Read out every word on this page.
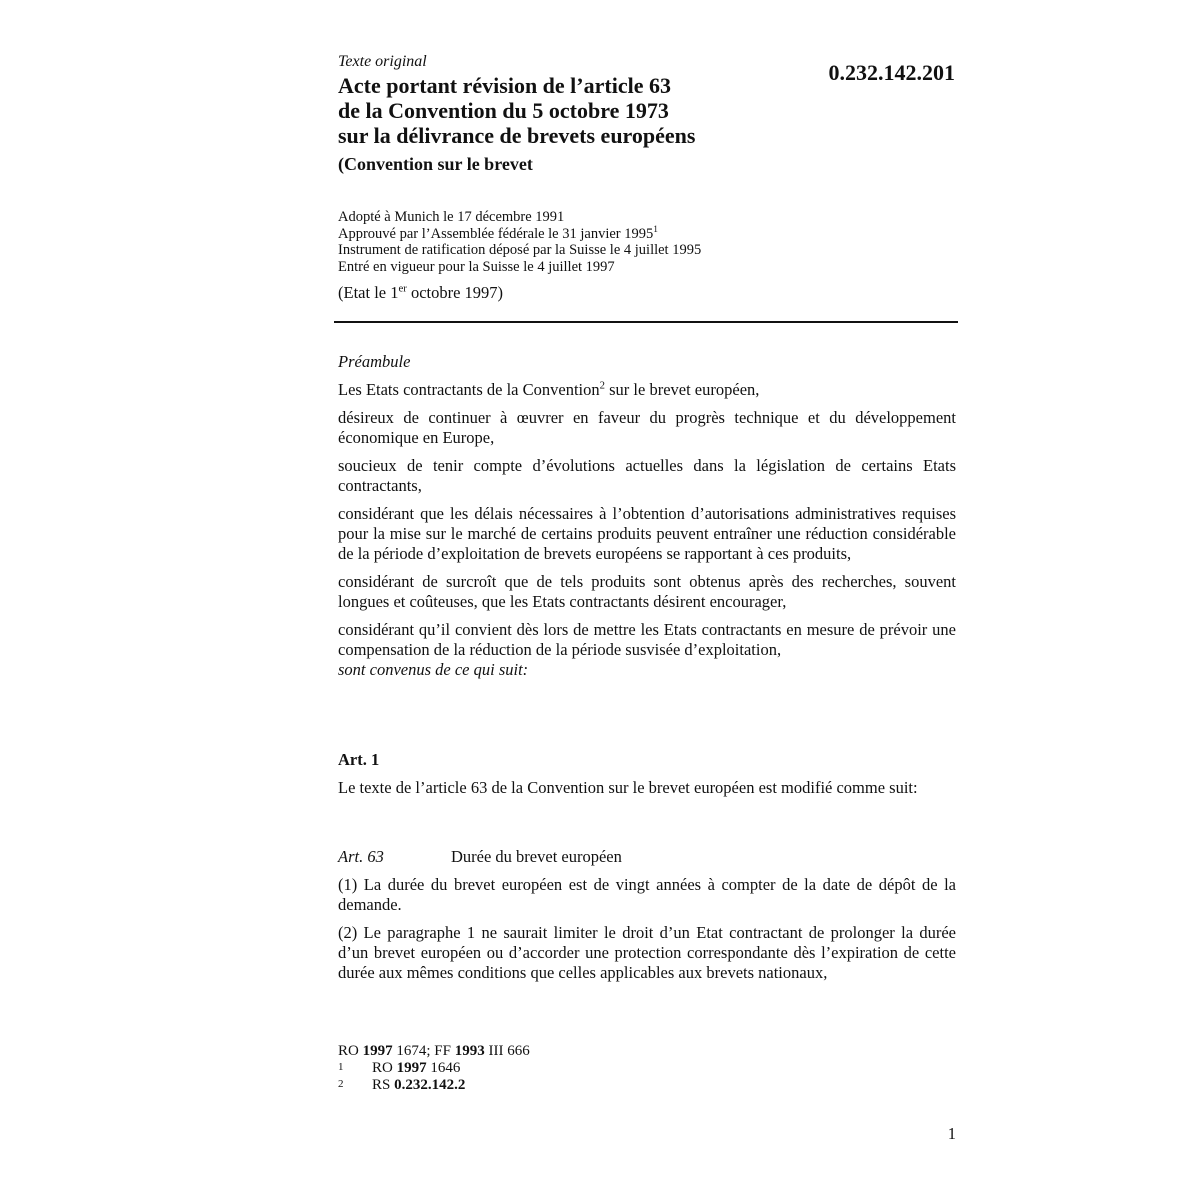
Texte original	0.232.142.201
Acte portant révision de l’article 63
de la Convention du 5 octobre 1973
sur la délivrance de brevets européens

(Convention sur le brevet

Adopté à Munich le 17 décembre 1991
Approuvé par l’Assemblée fédérale le 31 janvier 1995$^1$
Instrument de ratification déposé par la Suisse le 4 juillet 1995
Entré en vigueur pour la Suisse le 4 juillet 1997

(Etat le 1er octobre 1997)

Préambule

Les Etats contractants de la Convention$^2$ sur le brevet européen,

désireux de continuer à œuvrer en faveur du progrès technique et du développement économique en Europe,

soucieux de tenir compte d’évolutions actuelles dans la législation de certains Etats contractants,

considérant que les délais nécessaires à l’obtention d’autorisations administratives requises pour la mise sur le marché de certains produits peuvent entraîner une réduction considérable de la période d’exploitation de brevets européens se rapportant à ces produits,

considérant de surcroît que de tels produits sont obtenus après des recherches, souvent longues et coûteuses, que les Etats contractants désirent encourager,

considérant qu’il convient dès lors de mettre les Etats contractants en mesure de prévoir une compensation de la réduction de la période susvisée d’exploitation,

sont convenus de ce qui suit:

Art. 1

Le texte de l’article 63 de la Convention sur le brevet européen est modifié comme suit:

Art. 63	Durée du brevet européen

(1) La durée du brevet européen est de vingt années à compter de la date de dépôt de la demande.

(2) Le paragraphe 1 ne saurait limiter le droit d’un Etat contractant de prolonger la durée d’un brevet européen ou d’accorder une protection correspondante dès l’expiration de cette durée aux mêmes conditions que celles applicables aux brevets nationaux,

RO 1997 1674; FF 1993 III 666
1	RO 1997 1646
2	RS 0.232.142.2
1
